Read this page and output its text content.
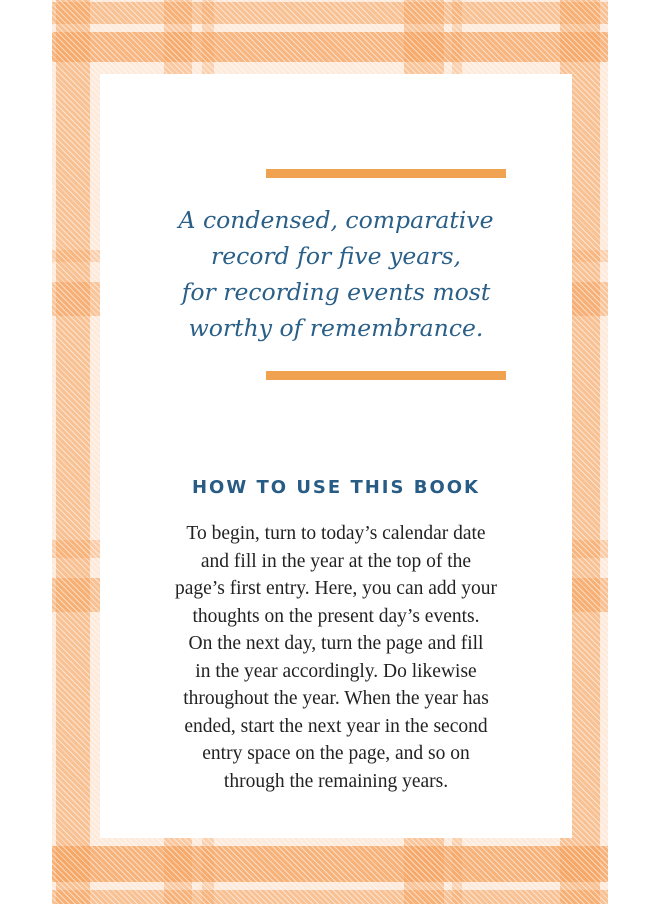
A condensed, comparative
record for five years,
for recording events most
worthy of remembrance.
HOW TO USE THIS BOOK
To begin, turn to today’s calendar date
and fill in the year at the top of the
page’s first entry. Here, you can add your
thoughts on the present day’s events.
On the next day, turn the page and fill
in the year accordingly. Do likewise
throughout the year. When the year has
ended, start the next year in the second
entry space on the page, and so on
through the remaining years.
